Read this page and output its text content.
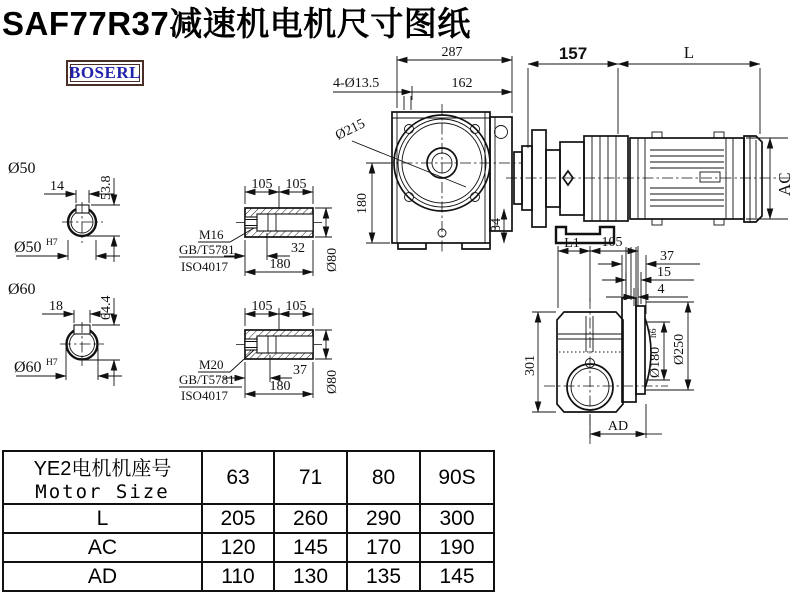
SAF77R37减速机电机尺寸图纸
BOSERL
Ø50
14	53.8
Ø50 H7
Ø60
18	64.4
Ø60 H7
105 105
32
180 Ø80
M16
GB/T5781
ISO4017
105 105
37
180 Ø80
M20
GB/T5781
ISO4017
287
4-Ø13.5	162
Ø215
180
34
157	L
AC
L1 105
37
15
4
Ø180
h6
Ø250
301
AD
YE2电机机座号
Motor Size	63	71	80	90S
L	205	260	290	300
AC	120	145	170	190
AD	110	130	135	145
